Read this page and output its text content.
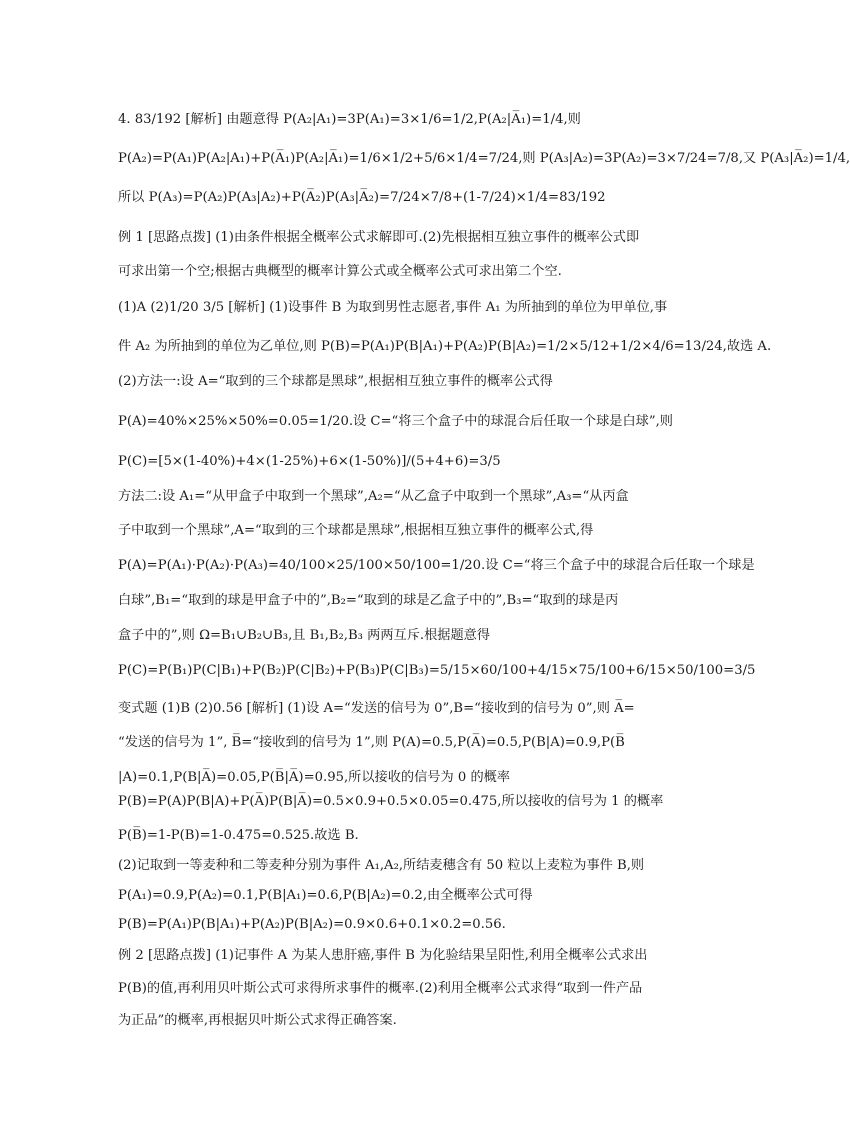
4. 83/192 [解析] 由题意得 P(A₂|A₁)=3P(A₁)=3×1/6=1/2,P(A₂|A̅₁)=1/4,则
P(A₂)=P(A₁)P(A₂|A₁)+P(A̅₁)P(A₂|A̅₁)=1/6×1/2+5/6×1/4=7/24,则 P(A₃|A₂)=3P(A₂)=3×7/24=7/8,又 P(A₃|A̅₂)=1/4,
所以 P(A₃)=P(A₂)P(A₃|A₂)+P(A̅₂)P(A₃|A̅₂)=7/24×7/8+(1-7/24)×1/4=83/192
例 1 [思路点拨] (1)由条件根据全概率公式求解即可.(2)先根据相互独立事件的概率公式即
可求出第一个空;根据古典概型的概率计算公式或全概率公式可求出第二个空.
(1)A (2)1/20 3/5 [解析] (1)设事件 B 为取到男性志愿者,事件 A₁ 为所抽到的单位为甲单位,事
件 A₂ 为所抽到的单位为乙单位,则 P(B)=P(A₁)P(B|A₁)+P(A₂)P(B|A₂)=1/2×5/12+1/2×4/6=13/24,故选 A.
(2)方法一:设 A=“取到的三个球都是黑球”,根据相互独立事件的概率公式得
P(A)=40%×25%×50%=0.05=1/20.设 C=“将三个盒子中的球混合后任取一个球是白球”,则
P(C)=[5×(1-40%)+4×(1-25%)+6×(1-50%)]/(5+4+6)=3/5
方法二:设 A₁=“从甲盒子中取到一个黑球”,A₂=“从乙盒子中取到一个黑球”,A₃=“从丙盒
子中取到一个黑球”,A=“取到的三个球都是黑球”,根据相互独立事件的概率公式,得
P(A)=P(A₁)·P(A₂)·P(A₃)=40/100×25/100×50/100=1/20.设 C=“将三个盒子中的球混合后任取一个球是
白球”,B₁=“取到的球是甲盒子中的”,B₂=“取到的球是乙盒子中的”,B₃=“取到的球是丙
盒子中的”,则 Ω=B₁∪B₂∪B₃,且 B₁,B₂,B₃ 两两互斥.根据题意得
P(C)=P(B₁)P(C|B₁)+P(B₂)P(C|B₂)+P(B₃)P(C|B₃)=5/15×60/100+4/15×75/100+6/15×50/100=3/5
变式题 (1)B (2)0.56 [解析] (1)设 A=“发送的信号为 0”,B=“接收到的信号为 0”,则 A̅=
“发送的信号为 1”, B̅=“接收到的信号为 1”,则 P(A)=0.5,P(A̅)=0.5,P(B|A)=0.9,P(B̅
|A)=0.1,P(B|A̅)=0.05,P(B̅|A̅)=0.95,所以接收的信号为 0 的概率
P(B)=P(A)P(B|A)+P(A̅)P(B|A̅)=0.5×0.9+0.5×0.05=0.475,所以接收的信号为 1 的概率
P(B̅)=1-P(B)=1-0.475=0.525.故选 B.
(2)记取到一等麦种和二等麦种分别为事件 A₁,A₂,所结麦穗含有 50 粒以上麦粒为事件 B,则
P(A₁)=0.9,P(A₂)=0.1,P(B|A₁)=0.6,P(B|A₂)=0.2,由全概率公式可得
P(B)=P(A₁)P(B|A₁)+P(A₂)P(B|A₂)=0.9×0.6+0.1×0.2=0.56.
例 2 [思路点拨] (1)记事件 A 为某人患肝癌,事件 B 为化验结果呈阳性,利用全概率公式求出
P(B)的值,再利用贝叶斯公式可求得所求事件的概率.(2)利用全概率公式求得“取到一件产品
为正品”的概率,再根据贝叶斯公式求得正确答案.
